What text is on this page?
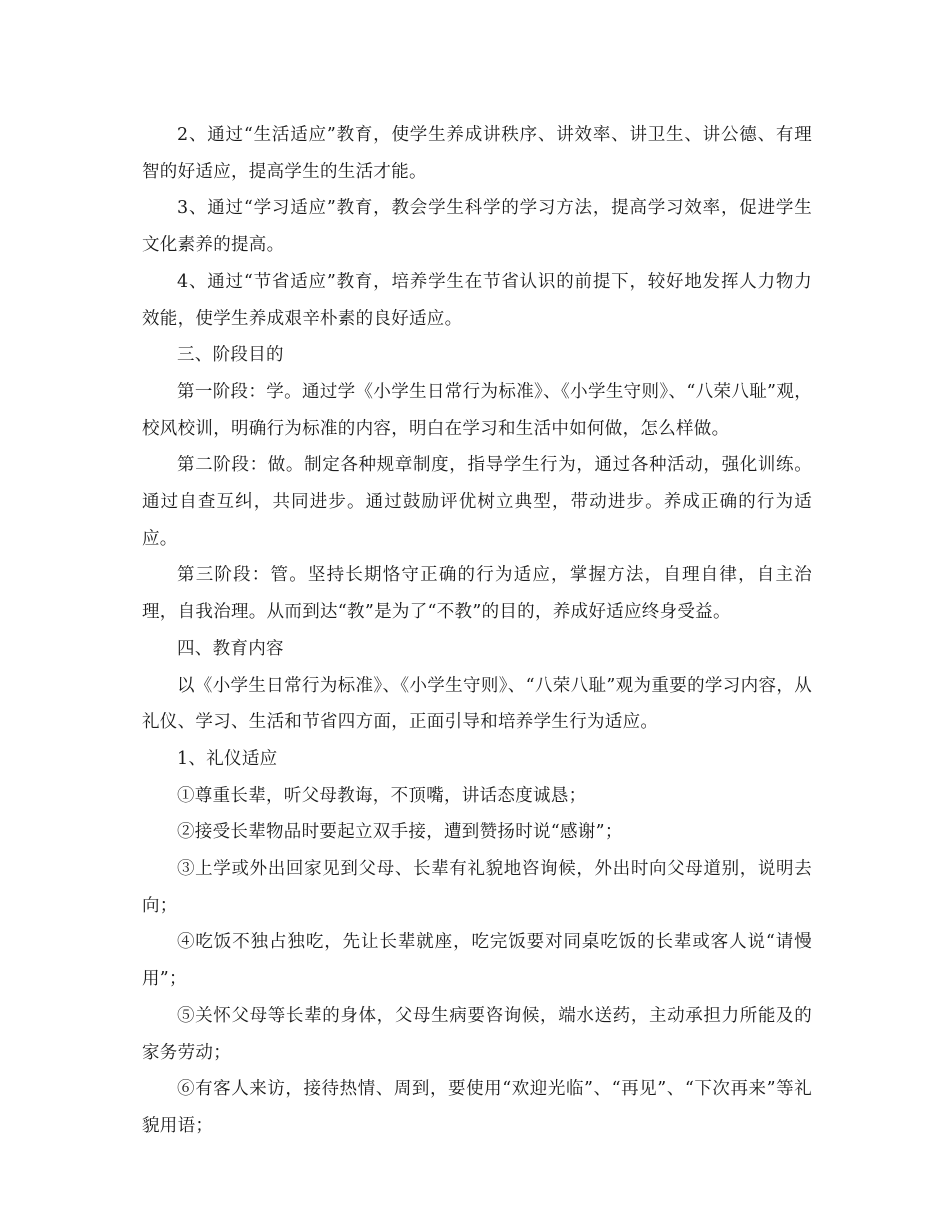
2、通过“生活适应”教育，使学生养成讲秩序、讲效率、讲卫生、讲公德、有理智的好适应，提高学生的生活才能。

3、通过“学习适应”教育，教会学生科学的学习方法，提高学习效率，促进学生文化素养的提高。

4、通过“节省适应”教育，培养学生在节省认识的前提下，较好地发挥人力物力效能，使学生养成艰辛朴素的良好适应。

三、阶段目的

第一阶段：学。通过学《小学生日常行为标准》、《小学生守则》、“八荣八耻”观，校风校训，明确行为标准的内容，明白在学习和生活中如何做，怎么样做。

第二阶段：做。制定各种规章制度，指导学生行为，通过各种活动，强化训练。通过自查互纠，共同进步。通过鼓励评优树立典型，带动进步。养成正确的行为适应。

第三阶段：管。坚持长期恪守正确的行为适应，掌握方法，自理自律，自主治理，自我治理。从而到达“教”是为了“不教”的目的，养成好适应终身受益。

四、教育内容

以《小学生日常行为标准》、《小学生守则》、“八荣八耻”观为重要的学习内容，从礼仪、学习、生活和节省四方面，正面引导和培养学生行为适应。

1、礼仪适应

①尊重长辈，听父母教诲，不顶嘴，讲话态度诚恳；

②接受长辈物品时要起立双手接，遭到赞扬时说“感谢”；

③上学或外出回家见到父母、长辈有礼貌地咨询候，外出时向父母道别，说明去向；

④吃饭不独占独吃，先让长辈就座，吃完饭要对同桌吃饭的长辈或客人说“请慢用”；

⑤关怀父母等长辈的身体，父母生病要咨询候，端水送药，主动承担力所能及的家务劳动；

⑥有客人来访，接待热情、周到，要使用“欢迎光临”、“再见”、“下次再来”等礼貌用语；
